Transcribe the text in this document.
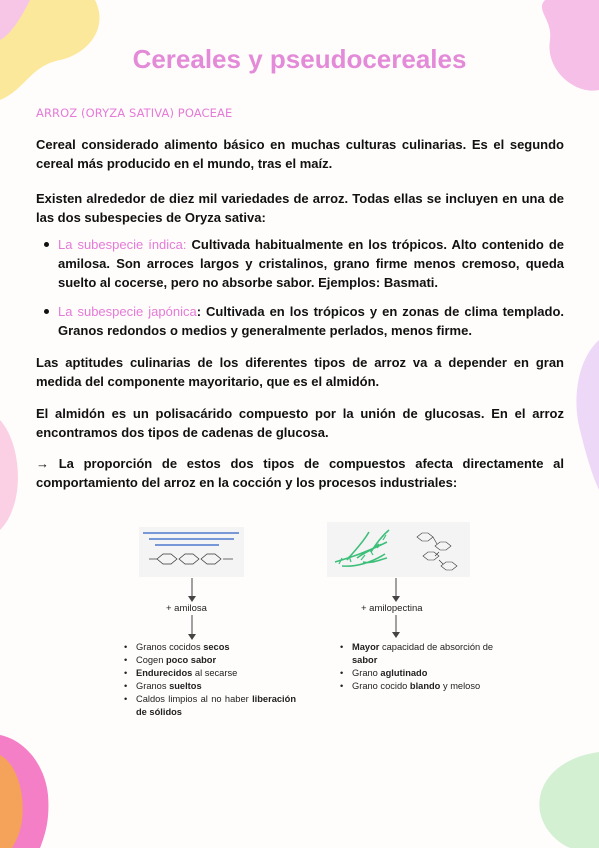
Cereales y pseudocereales
ARROZ (ORYZA SATIVA) POACEAE

Cereal considerado alimento básico en muchas culturas culinarias. Es el segundo cereal más producido en el mundo, tras el maíz.

Existen alrededor de diez mil variedades de arroz. Todas ellas se incluyen en una de las dos subespecies de Oryza sativa:

La subespecie índica: Cultivada habitualmente en los trópicos. Alto contenido de amilosa. Son arroces largos y cristalinos, grano firme menos cremoso, queda suelto al cocerse, pero no absorbe sabor. Ejemplos: Basmati.
La subespecie japónica: Cultivada en los trópicos y en zonas de clima templado. Granos redondos o medios y generalmente perlados, menos firme.

Las aptitudes culinarias de los diferentes tipos de arroz va a depender en gran medida del componente mayoritario, que es el almidón.

El almidón es un polisacárido compuesto por la unión de glucosas. En el arroz encontramos dos tipos de cadenas de glucosa.

→ La proporción de estos dos tipos de compuestos afecta directamente al comportamiento del arroz en la cocción y los procesos industriales:

+ amilosa
• Granos cocidos secos
• Cogen poco sabor
• Endurecidos al secarse
• Granos sueltos
• Caldos limpios al no haber liberación de sólidos
+ amilopectina
• Mayor capacidad de absorción de sabor
• Grano aglutinado
• Grano cocido blando y meloso
